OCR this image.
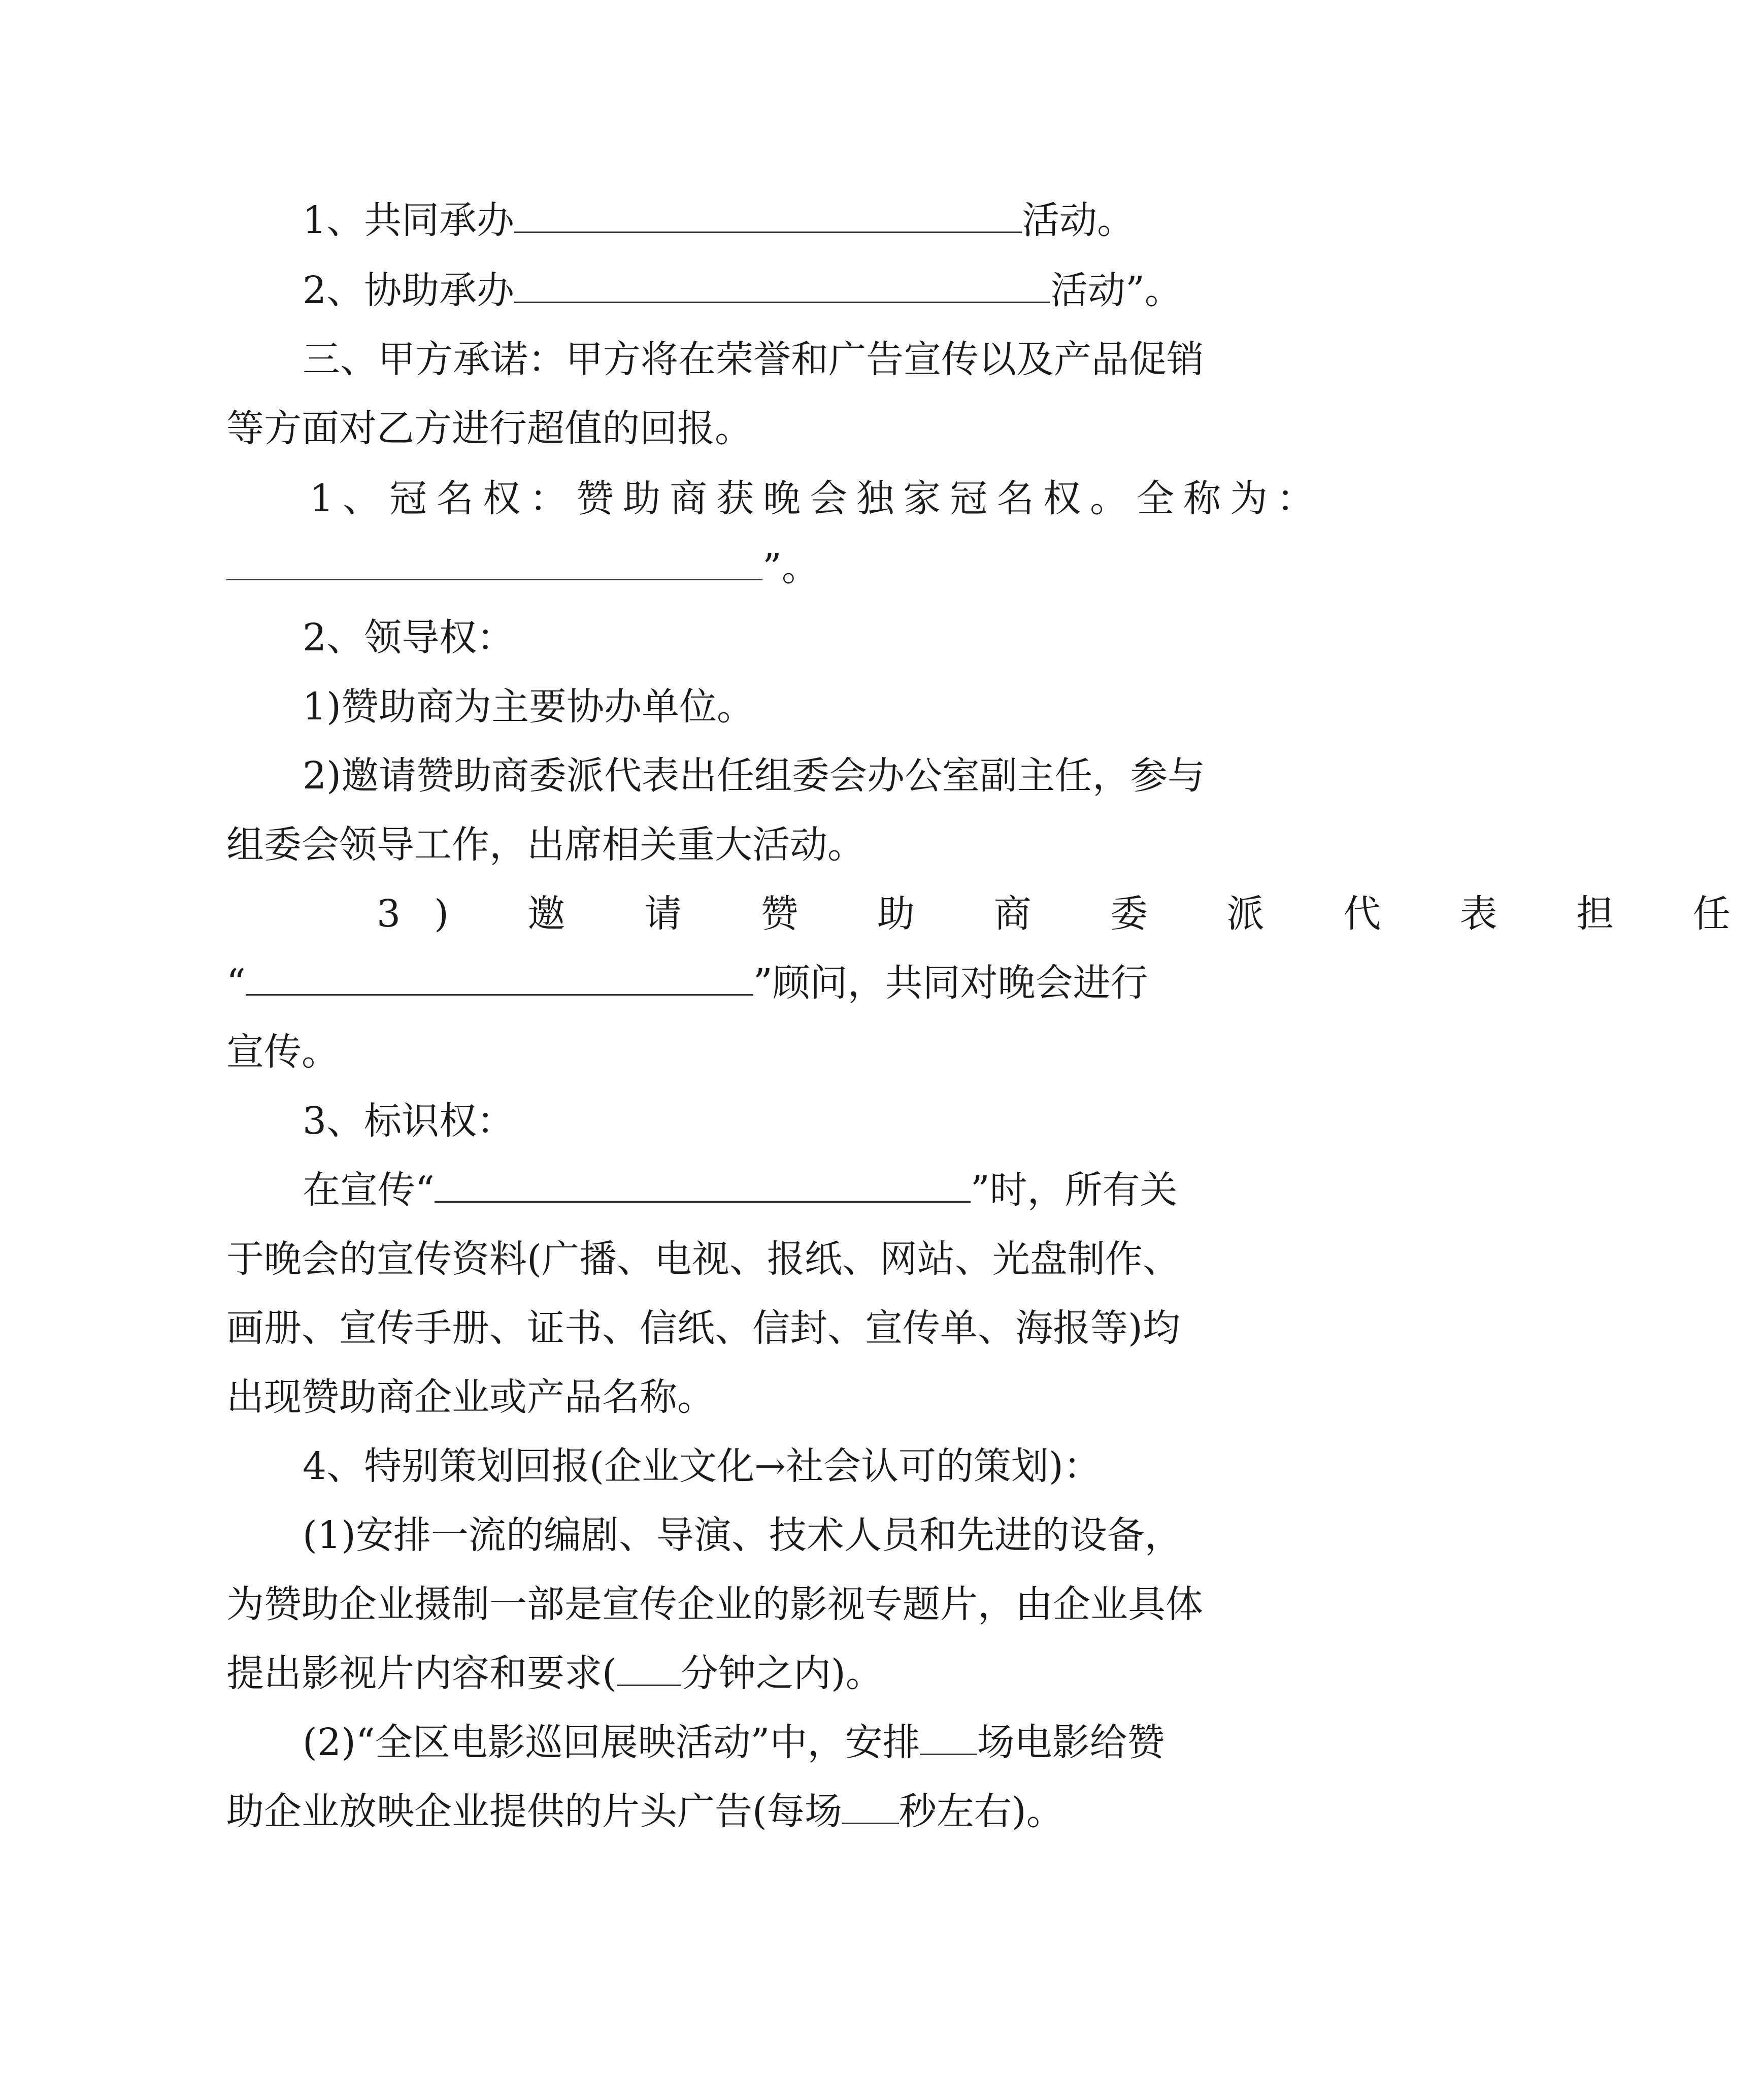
1、共同承办	活动。
2、协助承办	活动”。
三、甲方承诺：甲方将在荣誉和广告宣传以及产品促销
等方面对乙方进行超值的回报。
1、冠名权：赞助商获晚会独家冠名权。全称为：
”。
2、领导权：
1)赞助商为主要协办单位。
2)邀请赞助商委派代表出任组委会办公室副主任，参与
组委会领导工作，出席相关重大活动。
3) 邀 请 赞 助 商 委 派 代 表 担 任
“	”顾问，共同对晚会进行
宣传。
3、标识权：
在宣传“	”时，所有关
于晚会的宣传资料(广播、电视、报纸、网站、光盘制作、
画册、宣传手册、证书、信纸、信封、宣传单、海报等)均
出现赞助商企业或产品名称。
4、特别策划回报(企业文化→社会认可的策划)：
(1)安排一流的编剧、导演、技术人员和先进的设备，
为赞助企业摄制一部是宣传企业的影视专题片，由企业具体
提出影视片内容和要求( 分钟之内)。
(2)“全区电影巡回展映活动”中，安排 场电影给赞
助企业放映企业提供的片头广告(每场 秒左右)。
